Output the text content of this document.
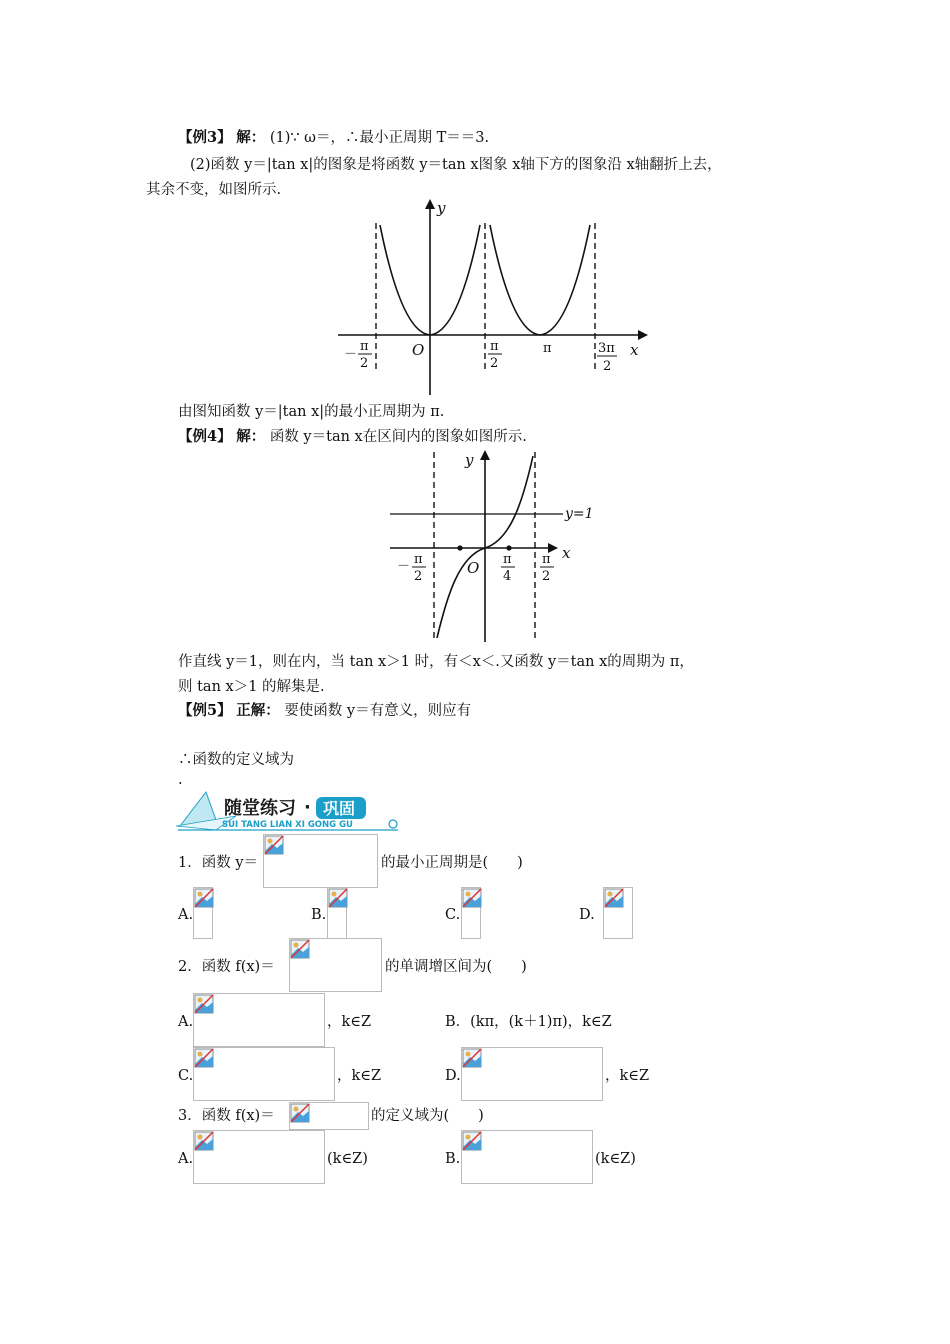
【例3】 解： (1)∵ ω＝，∴最小正周期 T＝＝3.
(2)函数 y＝|tan x|的图象是将函数 y＝tan x图象 x轴下方的图象沿 x轴翻折上去，
其余不变，如图所示.
y
x
O
－
π
2
π
2
π	3π
2
由图知函数 y＝|tan x|的最小正周期为 π.
【例4】 解： 函数 y＝tan x在区间内的图象如图所示.
y
x
O
y=1
－ π
2
π
4
π
2
作直线 y＝1，则在内，当 tan x＞1 时，有＜x＜.又函数 y＝tan x的周期为 π，
则 tan x＞1 的解集是.
【例5】 正解： 要使函数 y＝有意义，则应有
∴函数的定义域为
.
随堂练习 · 巩固
SUI TANG LIAN XI GONG GU
1．函数 y＝	的最小正周期是(　　)
A.	B.	C.	D.
2．函数 f(x)＝	的单调增区间为(　　)
A.	，k∈Z	B．(kπ，(k＋1)π)，k∈Z
C.	，k∈Z	D.	，k∈Z
3．函数 f(x)＝	的定义域为(　　)
A.	(k∈Z)	B.	(k∈Z)
